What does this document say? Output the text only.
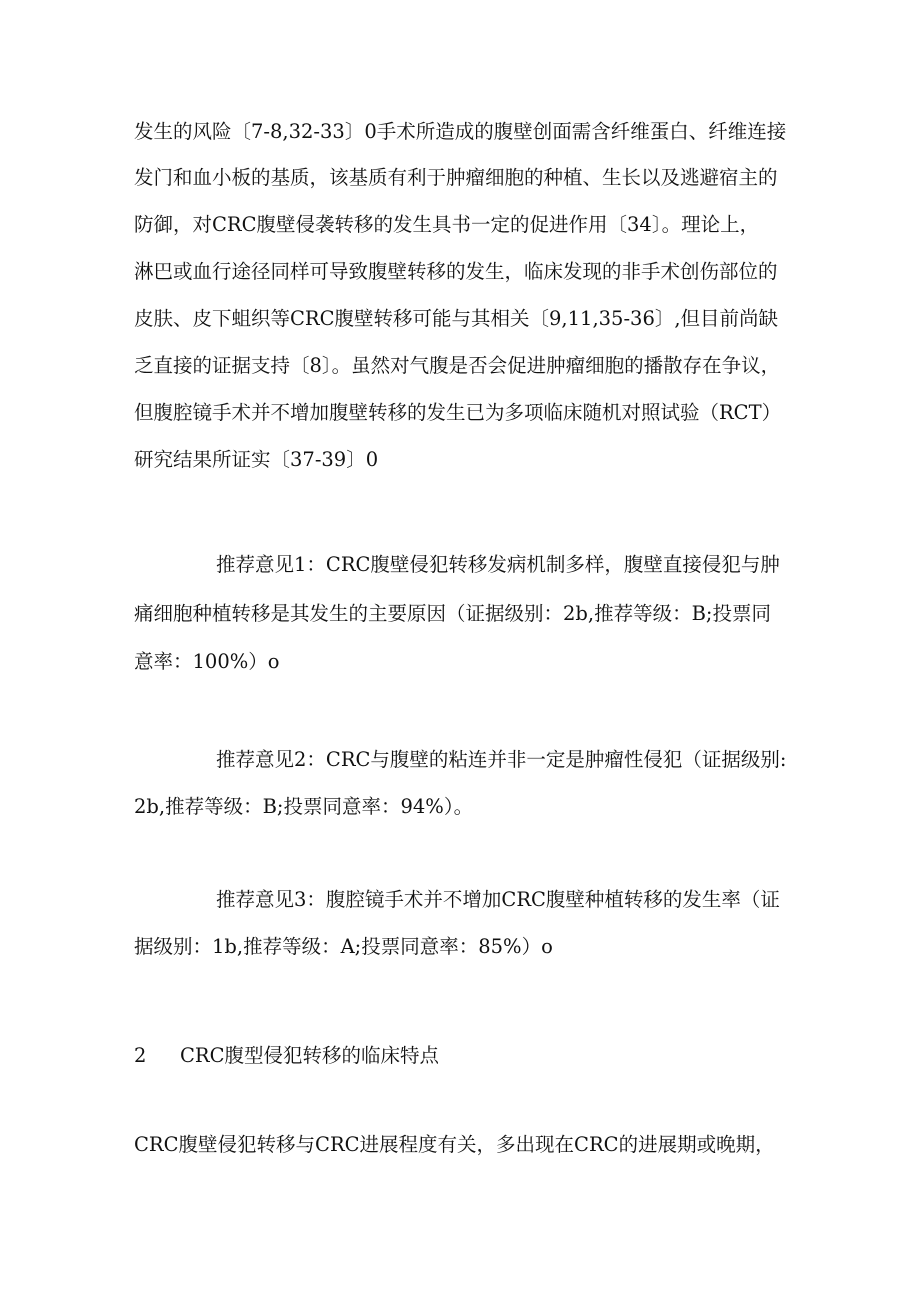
发生的风险〔7-8,32-33〕0手术所造成的腹壁创面需含纤维蛋白、纤维连接

发门和血小板的基质，该基质有利于肿瘤细胞的种植、生长以及逃避宿主的

防御，对CRC腹壁侵袭转移的发生具书一定的促进作用〔34〕。理论上，

淋巴或血行途径同样可导致腹壁转移的发生，临床发现的非手术创伤部位的

皮肤、皮下蛆织等CRC腹壁转移可能与其相关〔9,11,35-36〕,但目前尚缺

乏直接的证据支持〔8〕。虽然对气腹是否会促进肿瘤细胞的播散存在争议，

但腹腔镜手术并不增加腹壁转移的发生已为多项临床随机对照试验（RCT）

研究结果所证实〔37-39〕0

推荐意见1：CRC腹壁侵犯转移发病机制多样，腹壁直接侵犯与肿

痛细胞种植转移是其发生的主要原因（证据级别：2b,推荐等级：B;投票同

意率：100%）o

推荐意见2：CRC与腹壁的粘连并非一定是肿瘤性侵犯（证据级别:

2b,推荐等级：B;投票同意率：94%）。

推荐意见3：腹腔镜手术并不增加CRC腹壁种植转移的发生率（证

据级别：1b,推荐等级：A;投票同意率：85%）o

2 CRC腹型侵犯转移的临床特点

CRC腹壁侵犯转移与CRC进展程度有关，多出现在CRC的进展期或晚期，
